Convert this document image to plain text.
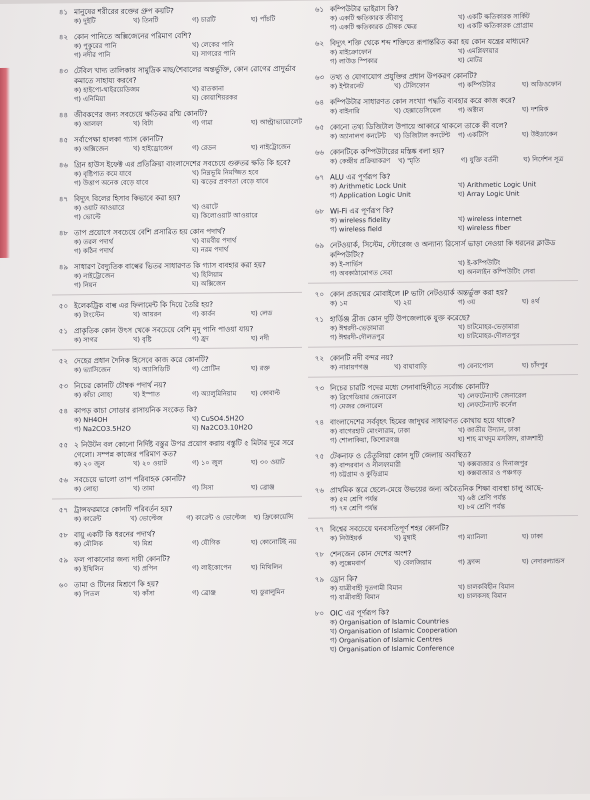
৪১ মানুষের শরীরের রক্তের গ্রুপ কয়টি?
ক) দুইটি	খ) তিনটি	গ) চারটি	ঘ) পাঁচটি
৪২ কোন পানিতে অক্সিজেনের পরিমাণ বেশি?
ক) পুকুরের পানি	খ) লেকের পানি
গ) নদীর পানি	ঘ) সাগরের পানি
৪৩ টেবিল খাদ্য তালিকায় সামুদ্রিক মাছ/শৈবালের অন্তর্ভুক্তি, কোন রোগের প্রাদুর্ভাব কমাতে সাহায্য করবে?
ক) হাইপো-থাইরয়েডিজম	খ) রাতকানা
গ) এনিমিয়া	ঘ) কোয়াশিয়রকর
৪৪ জীবকণের জন্য সবচেয়ে ক্ষতিকর রশ্মি কোনটি?
ক) আলফা	খ) বিটা	গ) গামা	ঘ) আল্ট্রাভায়োলেট
৪৫ সর্বাপেক্ষা হালকা গ্যাস কোনটি?
ক) অক্সিজেন	খ) হাইড্রোজেন	গ) রেডন	ঘ) নাইট্রোজেন
৪৬ গ্রিন হাউস ইফেক্ট এর প্রতিক্রিয়া বাংলাদেশের সবচেয়ে গুরুতর ক্ষতি কি হবে?
ক) বৃষ্টিপাত কমে যাবে	খ) নিম্নভূমি নিমজ্জিত হবে
গ) উত্তাপ অনেক বেড়ে যাবে	ঘ) ঝড়ের প্রবণতা বেড়ে যাবে
৪৭ বিদ্যুৎ বিলের হিসাব কিভাবে করা হয়?
ক) ওয়াট আওয়ারে	খ) ওয়াটে
গ) ভোল্টে	ঘ) কিলোওয়াট আওয়ারে
৪৮ তাপ প্রয়োগে সবচেয়ে বেশি প্রসারিত হয় কোন পদার্থ?
ক) তরল পদার্থ	খ) বায়বীয় পদার্থ
গ) কঠিন পদার্থ	ঘ) নরম পদার্থ
৪৯ সাধারণ বৈদ্যুতিক বাল্বের ভিতর সাধারণত কি গ্যাস ব্যবহার করা হয়?
ক) নাইট্রোজেন	খ) হিলিয়াম
গ) নিয়ন	ঘ) অক্সিজেন
৫০ ইলেকট্রিক বাল্ব এর ফিলামেন্ট কি দিয়ে তৈরি হয়?
ক) টাংস্টেন	খ) আয়রন	গ) কার্বন	ঘ) লেড
৫১ প্রাকৃতিক কোন উৎস থেকে সবচেয়ে বেশি মৃদু পানি পাওয়া যায়?
ক) সাগর	খ) বৃষ্টি	গ) হ্রদ	ঘ) নদী
৫২ দেহের প্রধান দৈনিক হিসেবে কাজ করে কোনটি?
ক) ভ্যাসিজেন	খ) অ্যাসিডিটি	গ) প্রোটিন	ঘ) রক্ত
৫৩ নিচের কোনটি চৌম্বক পদার্থ নয়?
ক) কাঁচা লোহা	খ) ইস্পাত	গ) অ্যালুমিনিয়াম	ঘ) কোবাল্ট
৫৪ কাপড় কাচা সোডার রাসায়নিক সংকেত কি?
ক) NH4OH	খ) CuSO4.5H2O
গ) Na2CO3.5H2O	ঘ) Na2CO3.10H2O
৫৫ ২ নিউটন বল কোনো নির্দিষ্ট বস্তুর উপর প্রয়োগ করায় বস্তুটি ৫ মিটার দূরে সরে গেলো। সম্পন্ন কাজের পরিমাণ কত?
ক) ২০ জুল	খ) ২০ ওয়াট	গ) ১০ জুল	ঘ) ৩০ ওয়াট
৫৬ সবচেয়ে ভালো তাপ পরিবাহক কোনটি?
ক) লোহা	খ) তামা	গ) সিসা	ঘ) ব্রোঞ্জ
৫৭ ট্রান্সফরমারে কোনটি পরিবর্তন হয়?
ক) কারেন্ট	খ) ভোল্টেজ	গ) কারেন্ট ও ভোল্টেজ ঘ) ফ্রিকোয়েন্সি
৫৮ বায়ু একটি কি ধরনের পদার্থ?
ক) মৌলিক	খ) মিশ্র	গ) যৌগিক	ঘ) কোনোটিই নয়
৫৯ ফল পাকানোর জন্য দায়ী কোনটি?
ক) ইথিলিন	খ) প্রপিন	গ) লাইকোপেন	ঘ) মিথিলিন
৬০ তামা ও টিনের মিশ্রণে কি হয়?
ক) পিতল	খ) কাঁসা	গ) ব্রোঞ্জ	ঘ) ডুরালুমিন
৬১ কম্পিউটার ভাইরাস কি?
ক) একটি ক্ষতিকারক জীবাণু	খ) একটি ক্ষতিকারক সার্কিট
গ) একটি ক্ষতিকারক চৌম্বক ক্ষেত্র	ঘ) একটি ক্ষতিকারক প্রোগ্রাম
৬২ বিদ্যুৎ শক্তি থেকে শব্দ শক্তিতে রূপান্তরিত করা হয় কোন যন্ত্রের মাধ্যমে?
ক) মাইক্রোফোন	খ) এমপ্লিফায়ার
গ) লাউড স্পিকার	ঘ) মোটর
৬৩ তথ্য ও যোগাযোগ প্রযুক্তির প্রধান উপকরণ কোনটি?
ক) ইন্টারনেট	খ) টেলিফোন	গ) কম্পিউটার	ঘ) অডিওফোন
৬৪ কম্পিউটার সাধারণত কোন সংখ্যা পদ্ধতি ব্যবহার করে কাজ করে?
ক) বাইনারি	খ) হেক্সাডেসিমেল	গ) অক্টাল	ঘ) দশমিক
৬৫ কোনো তথ্য ডিজিটাল উপায়ে আকারে থাকলে তাকে কী বলে?
ক) অ্যানালগ কনটেন্ট খ) ডিজিটাল কনটেন্ট গ) একটিপি	ঘ) উইডাকেন
৬৬ কোনটিকে কম্পিউটারের মস্তিষ্ক বলা হয়?
ক) কেন্দ্রীয় প্রক্রিয়াকরণ খ) স্মৃতি	গ) যুক্তি বর্তনী	ঘ) নির্দেশন সূত্র
৬৭ ALU এর পূর্ণরূপ কি?
ক) Arithmetic Lock Unit	খ) Arithmetic Logic Unit
গ) Application Logic Unit	ঘ) Array Logic Unit
৬৮ Wi-Fi এর পূর্ণরূপ কি?
ক) wireless fidelity	খ) wireless internet
গ) wireless field	ঘ) wireless fiber
৬৯ নেটওয়ার্ক, সিস্টেম, স্টোরেজ ও অন্যান্য রিসোর্স ভাড়া নেওয়া কি ধরনের ক্লাউড কম্পিউটিং?
ক) ই-সার্ভিস	খ) ই-কম্পিউটিং
গ) অবকাঠামোগত সেবা	ঘ) অনলাইন কম্পিউটিং সেবা
৭০ কোন প্রজন্মের মোবাইলে IP ভাটা নেটওয়ার্ক অন্তর্ভুক্ত করা হয়?
ক) ১ম	খ) ২য়	গ) ৩য়	ঘ) ৪র্থ
৭১ হার্ডিঞ্জ ব্রীজ কোন দুটি উপজেলাকে যুক্ত করেছে?
ক) ঈশ্বরদী-ভেড়ামারা	খ) চাটমোহর-ভেড়ামারা
গ) ঈশ্বরদী-দৌলতপুর	ঘ) চাটমোহর-দৌলতপুর
৭২ কোনটি নদী বন্দর নয়?
ক) নারায়ণগঞ্জ	খ) বাঘাবাড়ি	গ) বেনাপোল	ঘ) চাঁদপুর
৭৩ নিচের চারটি পদের মধ্যে সেনাবাহিনীতে সর্বোচ্চ কোনটি?
ক) ব্রিগেডিয়ার জেনারেল	খ) লেফটেন্যান্ট জেনারেল
গ) মেজর জেনারেল	ঘ) লেফটেন্যান্ট কর্নেল
৭৪ বাংলাদেশের সর্ববৃহৎ হিমের জাদুঘর সাধারণত কোথায় হয়ে থাকে?
ক) বাগেরহাট মোংলারাম, ঢাকা	খ) জাতীয় উদ্যান, ঢাকা
গ) শোলাকিয়া, কিশোরগঞ্জ	ঘ) শাহ মাখদুম মসজিদ, রাজশাহী
৭৫ টেকনাফ ও তেঁতুলিয়া কোন দুটি জেলায় অবস্থিত?
ক) বান্দরবান ও নীলফামারী	খ) কক্সবাজার ও দিনাজপুর
গ) চট্টগ্রাম ও কুড়িগ্রাম	ঘ) কক্সবাজার ও পঞ্চগড়
৭৬ প্রাথমিক স্তরে ছেলে-মেয়ে উভয়ের জন্য অবৈতনিক শিক্ষা ব্যবস্থা চালু আছে-
ক) ৫ম শ্রেণি পর্যন্ত	খ) ৬ষ্ঠ শ্রেণি পর্যন্ত
গ) ৭ম শ্রেণি পর্যন্ত	ঘ) ৮ম শ্রেণি পর্যন্ত
৭৭ বিশ্বের সবচেয়ে ঘনবসতিপূর্ণ শহর কোনটি?
ক) নিউইয়র্ক	খ) মুম্বাই	গ) ম্যানিলা	ঘ) ঢাকা
৭৮ শেনজেন কোন দেশের অংশ?
ক) লুক্সেমবার্গ	খ) বেলজিয়াম	গ) ফ্রান্স	ঘ) নেদারল্যান্ডস
৭৯ ড্রোন কি?
ক) যাত্রীবাহী দুতগামী বিমান	খ) চালকবিহীন বিমান
গ) যাত্রীবাহী বিমান	ঘ) চালকসহ বিমান
৮০ OIC এর পূর্ণরূপ কি?
ক) Organisation of Islamic Countries
খ) Organisation of Islamic Cooperation
গ) Organisation of Islamic Centres
ঘ) Organisation of Islamic Conference
